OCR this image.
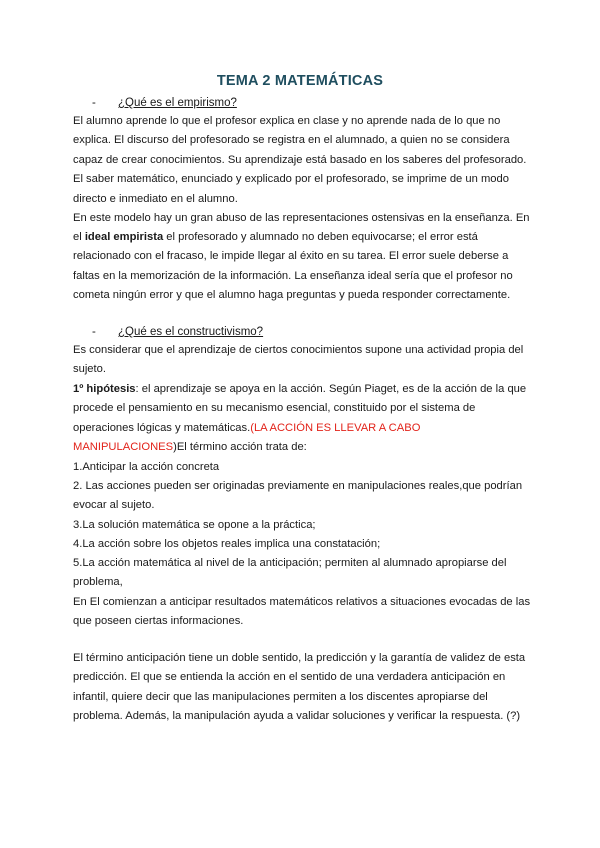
TEMA 2 MATEMÁTICAS
- ¿Qué es el empirismo?

El alumno aprende lo que el profesor explica en clase y no aprende nada de lo que no explica. El discurso del profesorado se registra en el alumnado, a quien no se considera capaz de crear conocimientos. Su aprendizaje está basado en los saberes del profesorado. El saber matemático, enunciado y explicado por el profesorado, se imprime de un modo directo e inmediato en el alumno.

En este modelo hay un gran abuso de las representaciones ostensivas en la enseñanza. En

el ideal empirista el profesorado y alumnado no deben equivocarse; el error está relacionado con el fracaso, le impide llegar al éxito en su tarea. El error suele deberse a faltas en la memorización de la información. La enseñanza ideal sería que el profesor no cometa ningún error y que el alumno haga preguntas y pueda responder correctamente.

- ¿Qué es el constructivismo?

Es considerar que el aprendizaje de ciertos conocimientos supone una actividad propia del sujeto.

1º hipótesis: el aprendizaje se apoya en la acción. Según Piaget, es de la acción de la que procede el pensamiento en su mecanismo esencial, constituido por el sistema de operaciones lógicas y matemáticas.(LA ACCIÓN ES LLEVAR A CABO MANIPULACIONES)El término acción trata de:

1.Anticipar la acción concreta

2. Las acciones pueden ser originadas previamente en manipulaciones reales,que podrían evocar al sujeto.

3.La solución matemática se opone a la práctica;

4.La acción sobre los objetos reales implica una constatación;

5.La acción matemática al nivel de la anticipación; permiten al alumnado apropiarse del problema,

En El comienzan a anticipar resultados matemáticos relativos a situaciones evocadas de las que poseen ciertas informaciones.

El término anticipación tiene un doble sentido, la predicción y la garantía de validez de esta predicción. El que se entienda la acción en el sentido de una verdadera anticipación en infantil, quiere decir que las manipulaciones permiten a los discentes apropiarse del problema. Además, la manipulación ayuda a validar soluciones y verificar la respuesta. (?)
